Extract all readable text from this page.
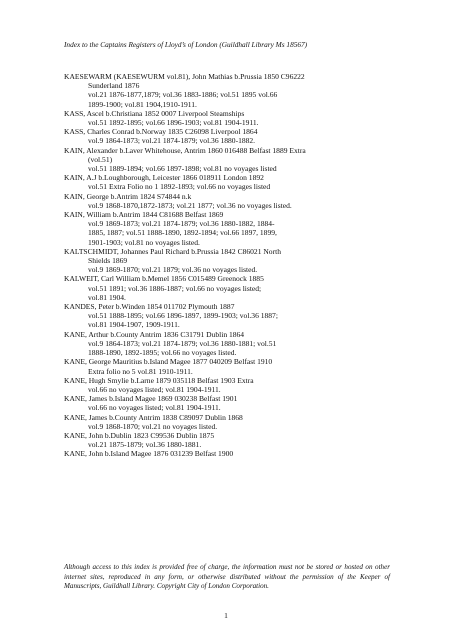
Index to the Captains Registers of Lloyd’s of London (Guildhall Library Ms 18567)
KAESEWARM (KAESEWURM vol.81), John Mathias b.Prussia 1850 C96222
Sunderland 1876
vol.21 1876-1877,1879; vol.36 1883-1886; vol.51 1895 vol.66
1899-1900; vol.81 1904,1910-1911.
KASS, Ascel b.Christiana 1852 0007 Liverpool Steamships
vol.51 1892-1895; vol.66 1896-1903; vol.81 1904-1911.
KASS, Charles Conrad b.Norway 1835 C26098 Liverpool 1864
vol.9 1864-1873; vol.21 1874-1879; vol.36 1880-1882.
KAIN, Alexander b.Laver Whitehouse, Antrim 1860 016488 Belfast 1889 Extra
(vol.51)
vol.51 1889-1894; vol.66 1897-1898; vol.81 no voyages listed
KAIN, A.J b.Loughborough, Leicester 1866 018911 London 1892
vol.51 Extra Folio no 1 1892-1893; vol.66 no voyages listed
KAIN, George b.Antrim 1824 S74844 n.k
vol.9 1868-1870,1872-1873; vol.21 1877; vol.36 no voyages listed.
KAIN, William b.Antrim 1844 C81688 Belfast 1869
vol.9 1869-1873; vol.21 1874-1879; vol.36 1880-1882, 1884-
1885, 1887; vol.51 1888-1890, 1892-1894; vol.66 1897, 1899,
1901-1903; vol.81 no voyages listed.
KALTSCHMIDT, Johannes Paul Richard b.Prussia 1842 C86021 North
Shields 1869
vol.9 1869-1870; vol.21 1879; vol.36 no voyages listed.
KALWEIT, Carl William b.Memel 1856 C015489 Greenock 1885
vol.51 1891; vol.36 1886-1887; vol.66 no voyages listed;
vol.81 1904.
KANDES, Peter b.Winden 1854 011702 Plymouth 1887
vol.51 1888-1895; vol.66 1896-1897, 1899-1903; vol.36 1887;
vol.81 1904-1907, 1909-1911.
KANE, Arthur b.County Antrim 1836 C31791 Dublin 1864
vol.9 1864-1873; vol.21 1874-1879; vol.36 1880-1881; vol.51
1888-1890, 1892-1895; vol.66 no voyages listed.
KANE, George Mauritius b.Island Magee 1877 040209 Belfast 1910
Extra folio no 5 vol.81 1910-1911.
KANE, Hugh Smylie b.Larne 1879 035118 Belfast 1903 Extra
vol.66 no voyages listed; vol.81 1904-1911.
KANE, James b.Island Magee 1869 030238 Belfast 1901
vol.66 no voyages listed; vol.81 1904-1911.
KANE, James b.County Antrim 1838 C89097 Dublin 1868
vol.9 1868-1870; vol.21 no voyages listed.
KANE, John b.Dublin 1823 C99536 Dublin 1875
vol.21 1875-1879; vol.36 1880-1881.
KANE, John b.Island Magee 1876 031239 Belfast 1900
Although access to this index is provided free of charge, the information must not be stored or hosted on other internet sites, reproduced in any form, or otherwise distributed without the permission of the Keeper of Manuscripts, Guildhall Library. Copyright City of London Corporation.
1
